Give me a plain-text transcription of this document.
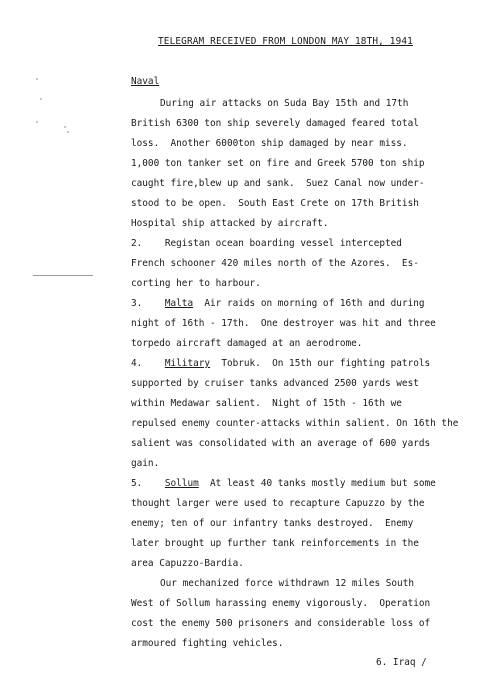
TELEGRAM RECEIVED FROM LONDON MAY 18TH, 1941
Naval
During air attacks on Suda Bay 15th and 17th
British 6300 ton ship severely damaged feared total
loss.  Another 6000ton ship damaged by near miss.
1,000 ton tanker set on fire and Greek 5700 ton ship
caught fire,blew up and sank.  Suez Canal now under-
stood to be open.  South East Crete on 17th British
Hospital ship attacked by aircraft.
2.    Registan ocean boarding vessel intercepted
French schooner 420 miles north of the Azores.  Es-
corting her to harbour.
3.    Malta  Air raids on morning of 16th and during
night of 16th - 17th.  One destroyer was hit and three
torpedo aircraft damaged at an aerodrome.
4.    Military  Tobruk.  On 15th our fighting patrols
supported by cruiser tanks advanced 2500 yards west
within Medawar salient.  Night of 15th - 16th we
repulsed enemy counter-attacks within salient. On 16th the
salient was consolidated with an average of 600 yards
gain.
5.    Sollum  At least 40 tanks mostly medium but some
thought larger were used to recapture Capuzzo by the
enemy; ten of our infantry tanks destroyed.  Enemy
later brought up further tank reinforcements in the
area Capuzzo-Bardia.
Our mechanized force withdrawn 12 miles South
West of Sollum harassing enemy vigorously.  Operation
cost the enemy 500 prisoners and considerable loss of
armoured fighting vehicles.
6. Iraq /
